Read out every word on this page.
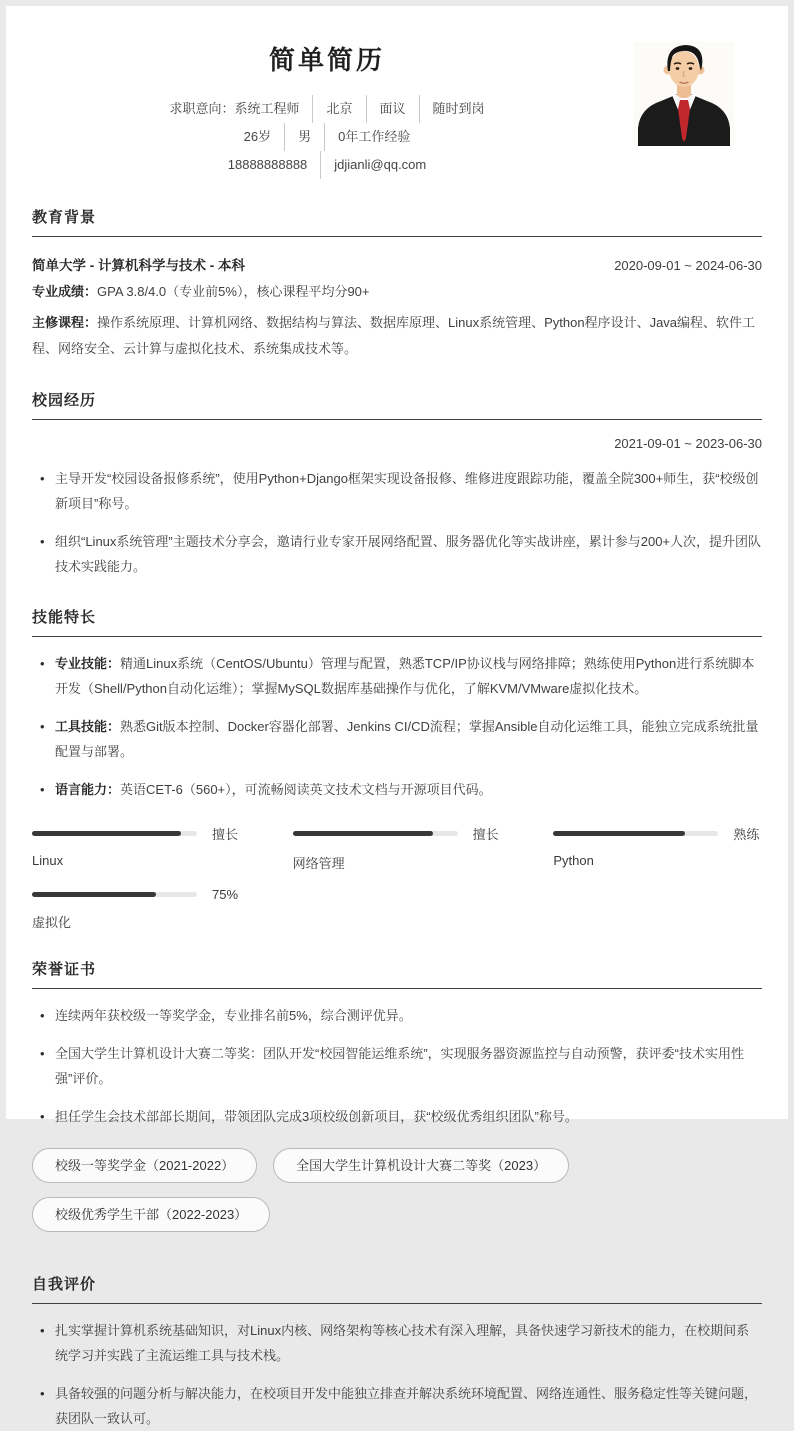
简单简历
求职意向：系统工程师 北京 面议 随时到岗
26岁 男 0年工作经验
18888888888 jdjianli@qq.com
教育背景
简单大学 - 计算机科学与技术 - 本科	2020-09-01 ~ 2024-06-30
专业成绩：GPA 3.8/4.0（专业前5%），核心课程平均分90+
主修课程：操作系统原理、计算机网络、数据结构与算法、数据库原理、Linux系统管理、Python程序设计、Java编程、软件工程、网络安全、云计算与虚拟化技术、系统集成技术等。
校园经历
2021-09-01 ~ 2023-06-30
• 主导开发“校园设备报修系统”，使用Python+Django框架实现设备报修、维修进度跟踪功能，覆盖全院300+师生，获“校级创新项目”称号。
• 组织“Linux系统管理”主题技术分享会，邀请行业专家开展网络配置、服务器优化等实战讲座，累计参与200+人次，提升团队技术实践能力。
技能特长
• 专业技能：精通Linux系统（CentOS/Ubuntu）管理与配置，熟悉TCP/IP协议栈与网络排障；熟练使用Python进行系统脚本开发（Shell/Python自动化运维）；掌握MySQL数据库基础操作与优化，了解KVM/VMware虚拟化技术。
• 工具技能：熟悉Git版本控制、Docker容器化部署、Jenkins CI/CD流程；掌握Ansible自动化运维工具，能独立完成系统批量配置与部署。
• 语言能力：英语CET-6（560+），可流畅阅读英文技术文档与开源项目代码。
擅长
Linux
擅长
网络管理
熟练
Python
75%
虚拟化
荣誉证书
• 连续两年获校级一等奖学金，专业排名前5%，综合测评优异。
• 全国大学生计算机设计大赛二等奖：团队开发“校园智能运维系统”，实现服务器资源监控与自动预警，获评委“技术实用性强”评价。
• 担任学生会技术部部长期间，带领团队完成3项校级创新项目，获“校级优秀组织团队”称号。
校级一等奖学金（2021-2022）	全国大学生计算机设计大赛二等奖（2023）
校级优秀学生干部（2022-2023）
自我评价
• 扎实掌握计算机系统基础知识，对Linux内核、网络架构等核心技术有深入理解，具备快速学习新技术的能力，在校期间系统学习并实践了主流运维工具与技术栈。
• 具备较强的问题分析与解决能力，在校项目开发中能独立排查并解决系统环境配置、网络连通性、服务稳定性等关键问题，获团队一致认可。
